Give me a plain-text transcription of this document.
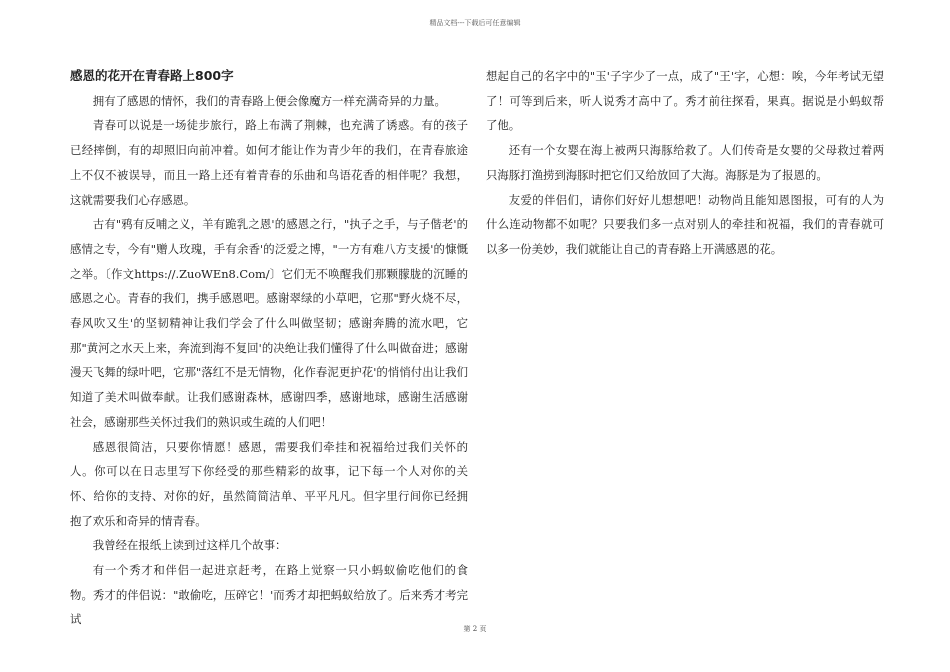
精品文档---下载后可任意编辑
感恩的花开在青春路上800字

拥有了感恩的情怀，我们的青春路上便会像魔方一样充满奇异的力量。

青春可以说是一场徒步旅行，路上布满了荆棘，也充满了诱惑。有的孩子已经摔倒，有的却照旧向前冲着。如何才能让作为青少年的我们，在青春旅途上不仅不被误导，而且一路上还有着青春的乐曲和鸟语花香的相伴呢？我想，这就需要我们心存感恩。

古有"鸦有反哺之义，羊有跪乳之恩'的感恩之行，"执子之手，与子偕老'的感情之专，今有"赠人玫瑰，手有余香'的泛爱之博，"一方有难八方支援'的慷慨之举。〔作文https://.ZuoWEn8.Com/〕它们无不唤醒我们那颗朦胧的沉睡的感恩之心。青春的我们，携手感恩吧。感谢翠绿的小草吧，它那"野火烧不尽，春风吹又生'的坚韧精神让我们学会了什么叫做坚韧；感谢奔腾的流水吧，它那"黄河之水天上来，奔流到海不复回'的决绝让我们懂得了什么叫做奋进；感谢漫天飞舞的绿叶吧，它那"落红不是无情物，化作春泥更护花'的悄悄付出让我们知道了美术叫做奉献。让我们感谢森林，感谢四季，感谢地球，感谢生活感谢社会，感谢那些关怀过我们的熟识或生疏的人们吧！

感恩很简洁，只要你情愿！感恩，需要我们牵挂和祝福给过我们关怀的人。你可以在日志里写下你经受的那些精彩的故事，记下每一个人对你的关怀、给你的支持、对你的好，虽然简简洁单、平平凡凡。但字里行间你已经拥抱了欢乐和奇异的情青春。

我曾经在报纸上读到过这样几个故事：

有一个秀才和伴侣一起进京赶考，在路上觉察一只小蚂蚁偷吃他们的食物。秀才的伴侣说："敢偷吃，压碎它！'而秀才却把蚂蚁给放了。后来秀才考完试

想起自己的名字中的"玉'子字少了一点，成了"王'字，心想：唉，今年考试无望了！可等到后来，听人说秀才高中了。秀才前往探看，果真。据说是小蚂蚁帮了他。

还有一个女婴在海上被两只海豚给救了。人们传奇是女婴的父母救过着两只海豚打渔捞到海豚时把它们又给放回了大海。海豚是为了报恩的。

友爱的伴侣们，请你们好好儿想想吧！动物尚且能知恩图报，可有的人为什么连动物都不如呢？只要我们多一点对别人的牵挂和祝福，我们的青春就可以多一份美妙，我们就能让自己的青春路上开满感恩的花。

第 2 页
